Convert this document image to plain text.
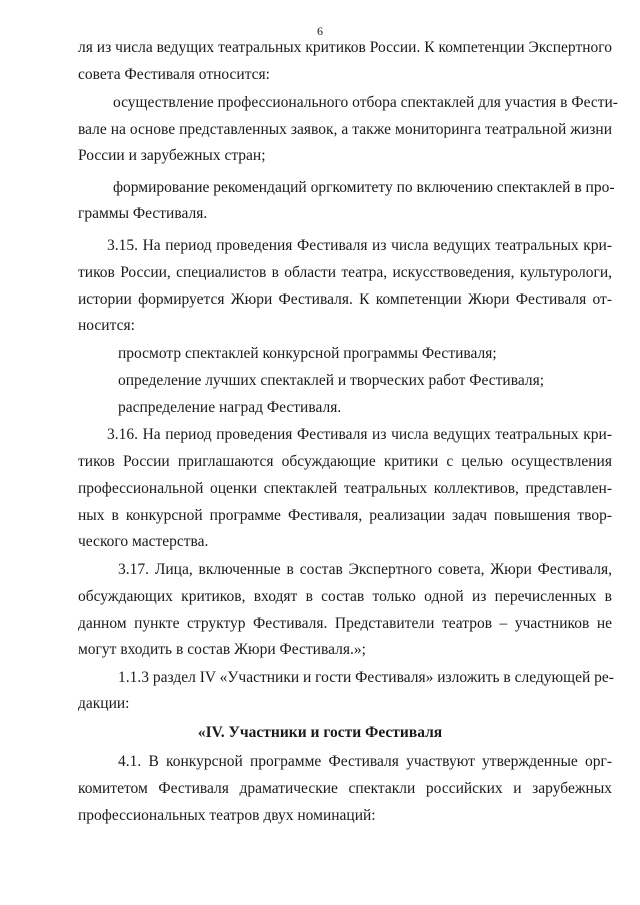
6
ля из числа ведущих театральных критиков России. К компетенции Экспертного
совета Фестиваля относится:
осуществление профессионального отбора спектаклей для участия в Фести-
вале на основе представленных заявок, а также мониторинга театральной жизни
России и зарубежных стран;
формирование рекомендаций оргкомитету по включению спектаклей в про-
граммы Фестиваля.
3.15. На период проведения Фестиваля из числа ведущих театральных кри-
тиков России, специалистов в области театра, искусствоведения, культурологи,
истории формируется Жюри Фестиваля. К компетенции Жюри Фестиваля от-
носится:
просмотр спектаклей конкурсной программы Фестиваля;
определение лучших спектаклей и творческих работ Фестиваля;
распределение наград Фестиваля.
3.16. На период проведения Фестиваля из числа ведущих театральных кри-
тиков России приглашаются обсуждающие критики с целью осуществления
профессиональной оценки спектаклей театральных коллективов, представлен-
ных в конкурсной программе Фестиваля, реализации задач повышения твор-
ческого мастерства.
3.17. Лица, включенные в состав Экспертного совета, Жюри Фестиваля,
обсуждающих критиков, входят в состав только одной из перечисленных в
данном пункте структур Фестиваля. Представители театров – участников не
могут входить в состав Жюри Фестиваля.»;
1.1.3 раздел IV «Участники и гости Фестиваля» изложить в следующей ре-
дакции:
«IV. Участники и гости Фестиваля
4.1. В конкурсной программе Фестиваля участвуют утвержденные орг-
комитетом Фестиваля драматические спектакли российских и зарубежных
профессиональных театров двух номинаций:
